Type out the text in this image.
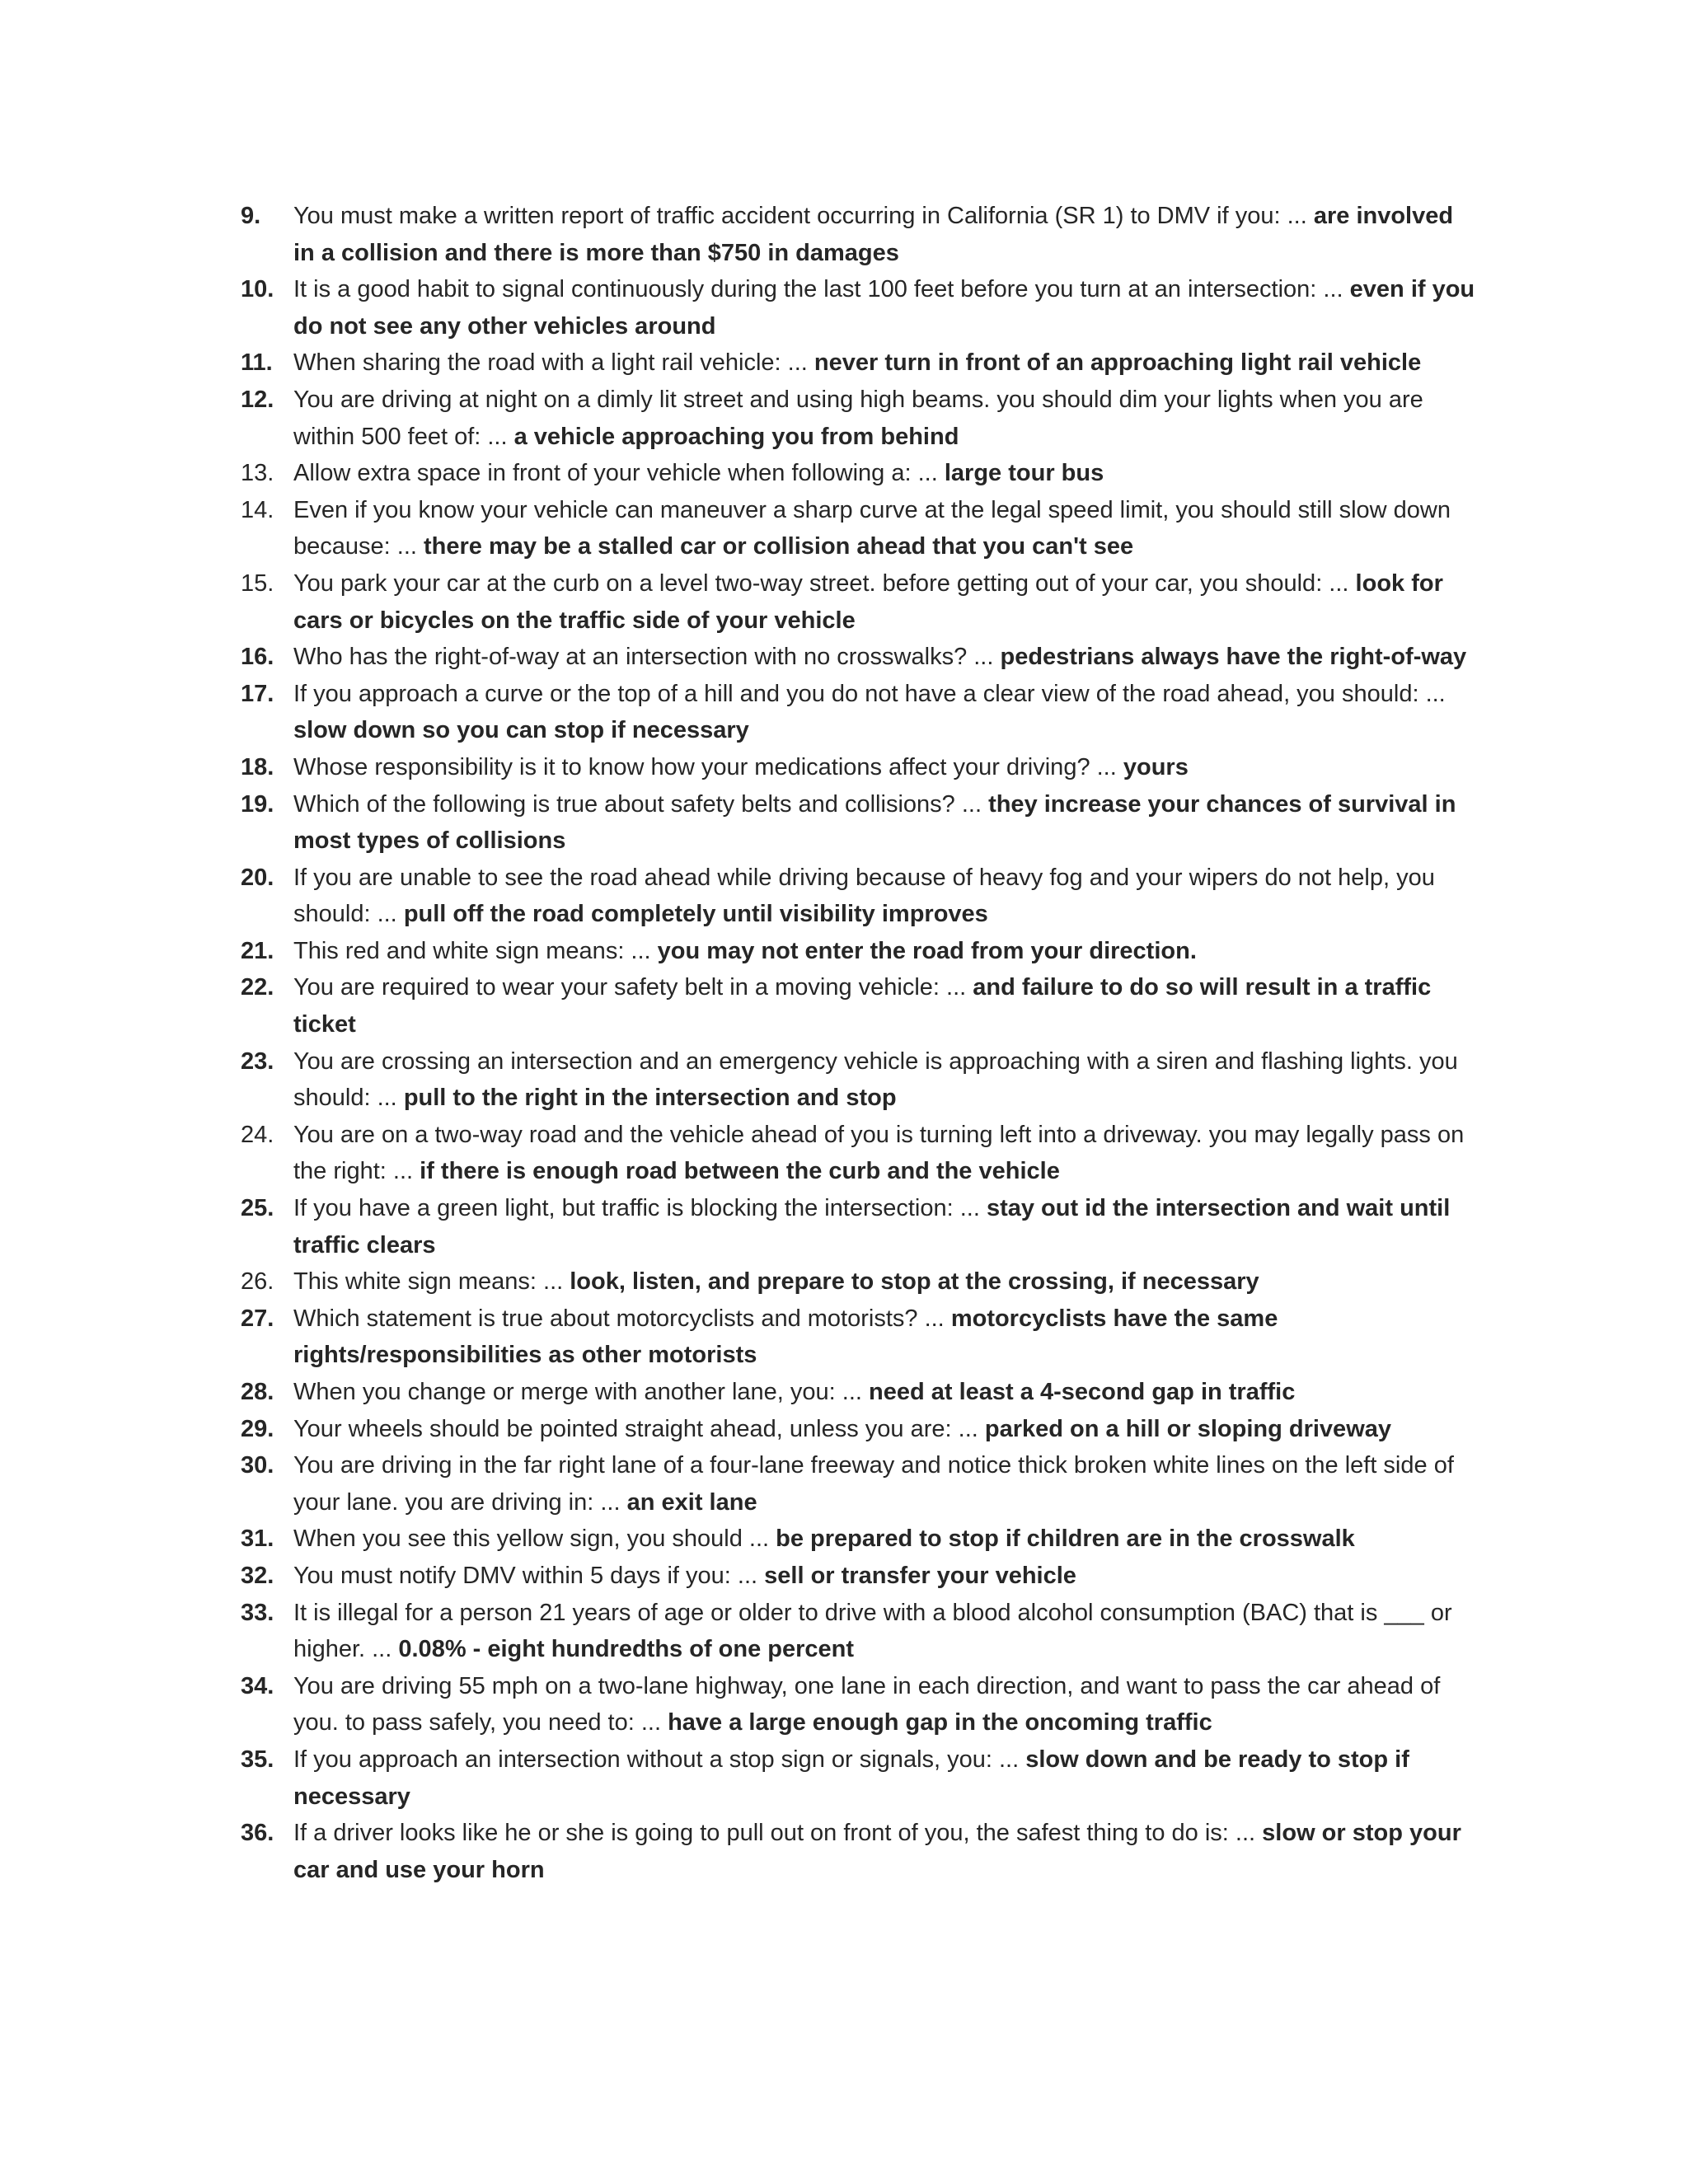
9.	You must make a written report of traffic accident occurring in California (SR 1) to DMV if you: ... are involved in a collision and there is more than $750 in damages
10. It is a good habit to signal continuously during the last 100 feet before you turn at an intersection: ... even if you do not see any other vehicles around
11. When sharing the road with a light rail vehicle: ... never turn in front of an approaching light rail vehicle
12. You are driving at night on a dimly lit street and using high beams. you should dim your lights when you are within 500 feet of: ... a vehicle approaching you from behind
13. Allow extra space in front of your vehicle when following a: ... large tour bus
14. Even if you know your vehicle can maneuver a sharp curve at the legal speed limit, you should still slow down because: ... there may be a stalled car or collision ahead that you can't see
15. You park your car at the curb on a level two-way street. before getting out of your car, you should: ... look for cars or bicycles on the traffic side of your vehicle
16. Who has the right-of-way at an intersection with no crosswalks? ... pedestrians always have the right-of-way
17. If you approach a curve or the top of a hill and you do not have a clear view of the road ahead, you should: ... slow down so you can stop if necessary
18. Whose responsibility is it to know how your medications affect your driving? ... yours
19. Which of the following is true about safety belts and collisions? ... they increase your chances of survival in most types of collisions
20. If you are unable to see the road ahead while driving because of heavy fog and your wipers do not help, you should: ... pull off the road completely until visibility improves
21. This red and white sign means: ... you may not enter the road from your direction.
22. You are required to wear your safety belt in a moving vehicle: ... and failure to do so will result in a traffic ticket
23. You are crossing an intersection and an emergency vehicle is approaching with a siren and flashing lights. you should: ... pull to the right in the intersection and stop
24. You are on a two-way road and the vehicle ahead of you is turning left into a driveway. you may legally pass on the right: ... if there is enough road between the curb and the vehicle
25. If you have a green light, but traffic is blocking the intersection: ... stay out id the intersection and wait until traffic clears
26. This white sign means: ... look, listen, and prepare to stop at the crossing, if necessary
27. Which statement is true about motorcyclists and motorists? ... motorcyclists have the same rights/responsibilities as other motorists
28. When you change or merge with another lane, you: ... need at least a 4-second gap in traffic
29. Your wheels should be pointed straight ahead, unless you are: ... parked on a hill or sloping driveway
30. You are driving in the far right lane of a four-lane freeway and notice thick broken white lines on the left side of your lane. you are driving in: ... an exit lane
31. When you see this yellow sign, you should ... be prepared to stop if children are in the crosswalk
32. You must notify DMV within 5 days if you: ... sell or transfer your vehicle
33. It is illegal for a person 21 years of age or older to drive with a blood alcohol consumption (BAC) that is ___ or higher. ... 0.08% - eight hundredths of one percent
34. You are driving 55 mph on a two-lane highway, one lane in each direction, and want to pass the car ahead of you. to pass safely, you need to: ... have a large enough gap in the oncoming traffic
35. If you approach an intersection without a stop sign or signals, you: ... slow down and be ready to stop if necessary
36. If a driver looks like he or she is going to pull out on front of you, the safest thing to do is: ... slow or stop your car and use your horn
